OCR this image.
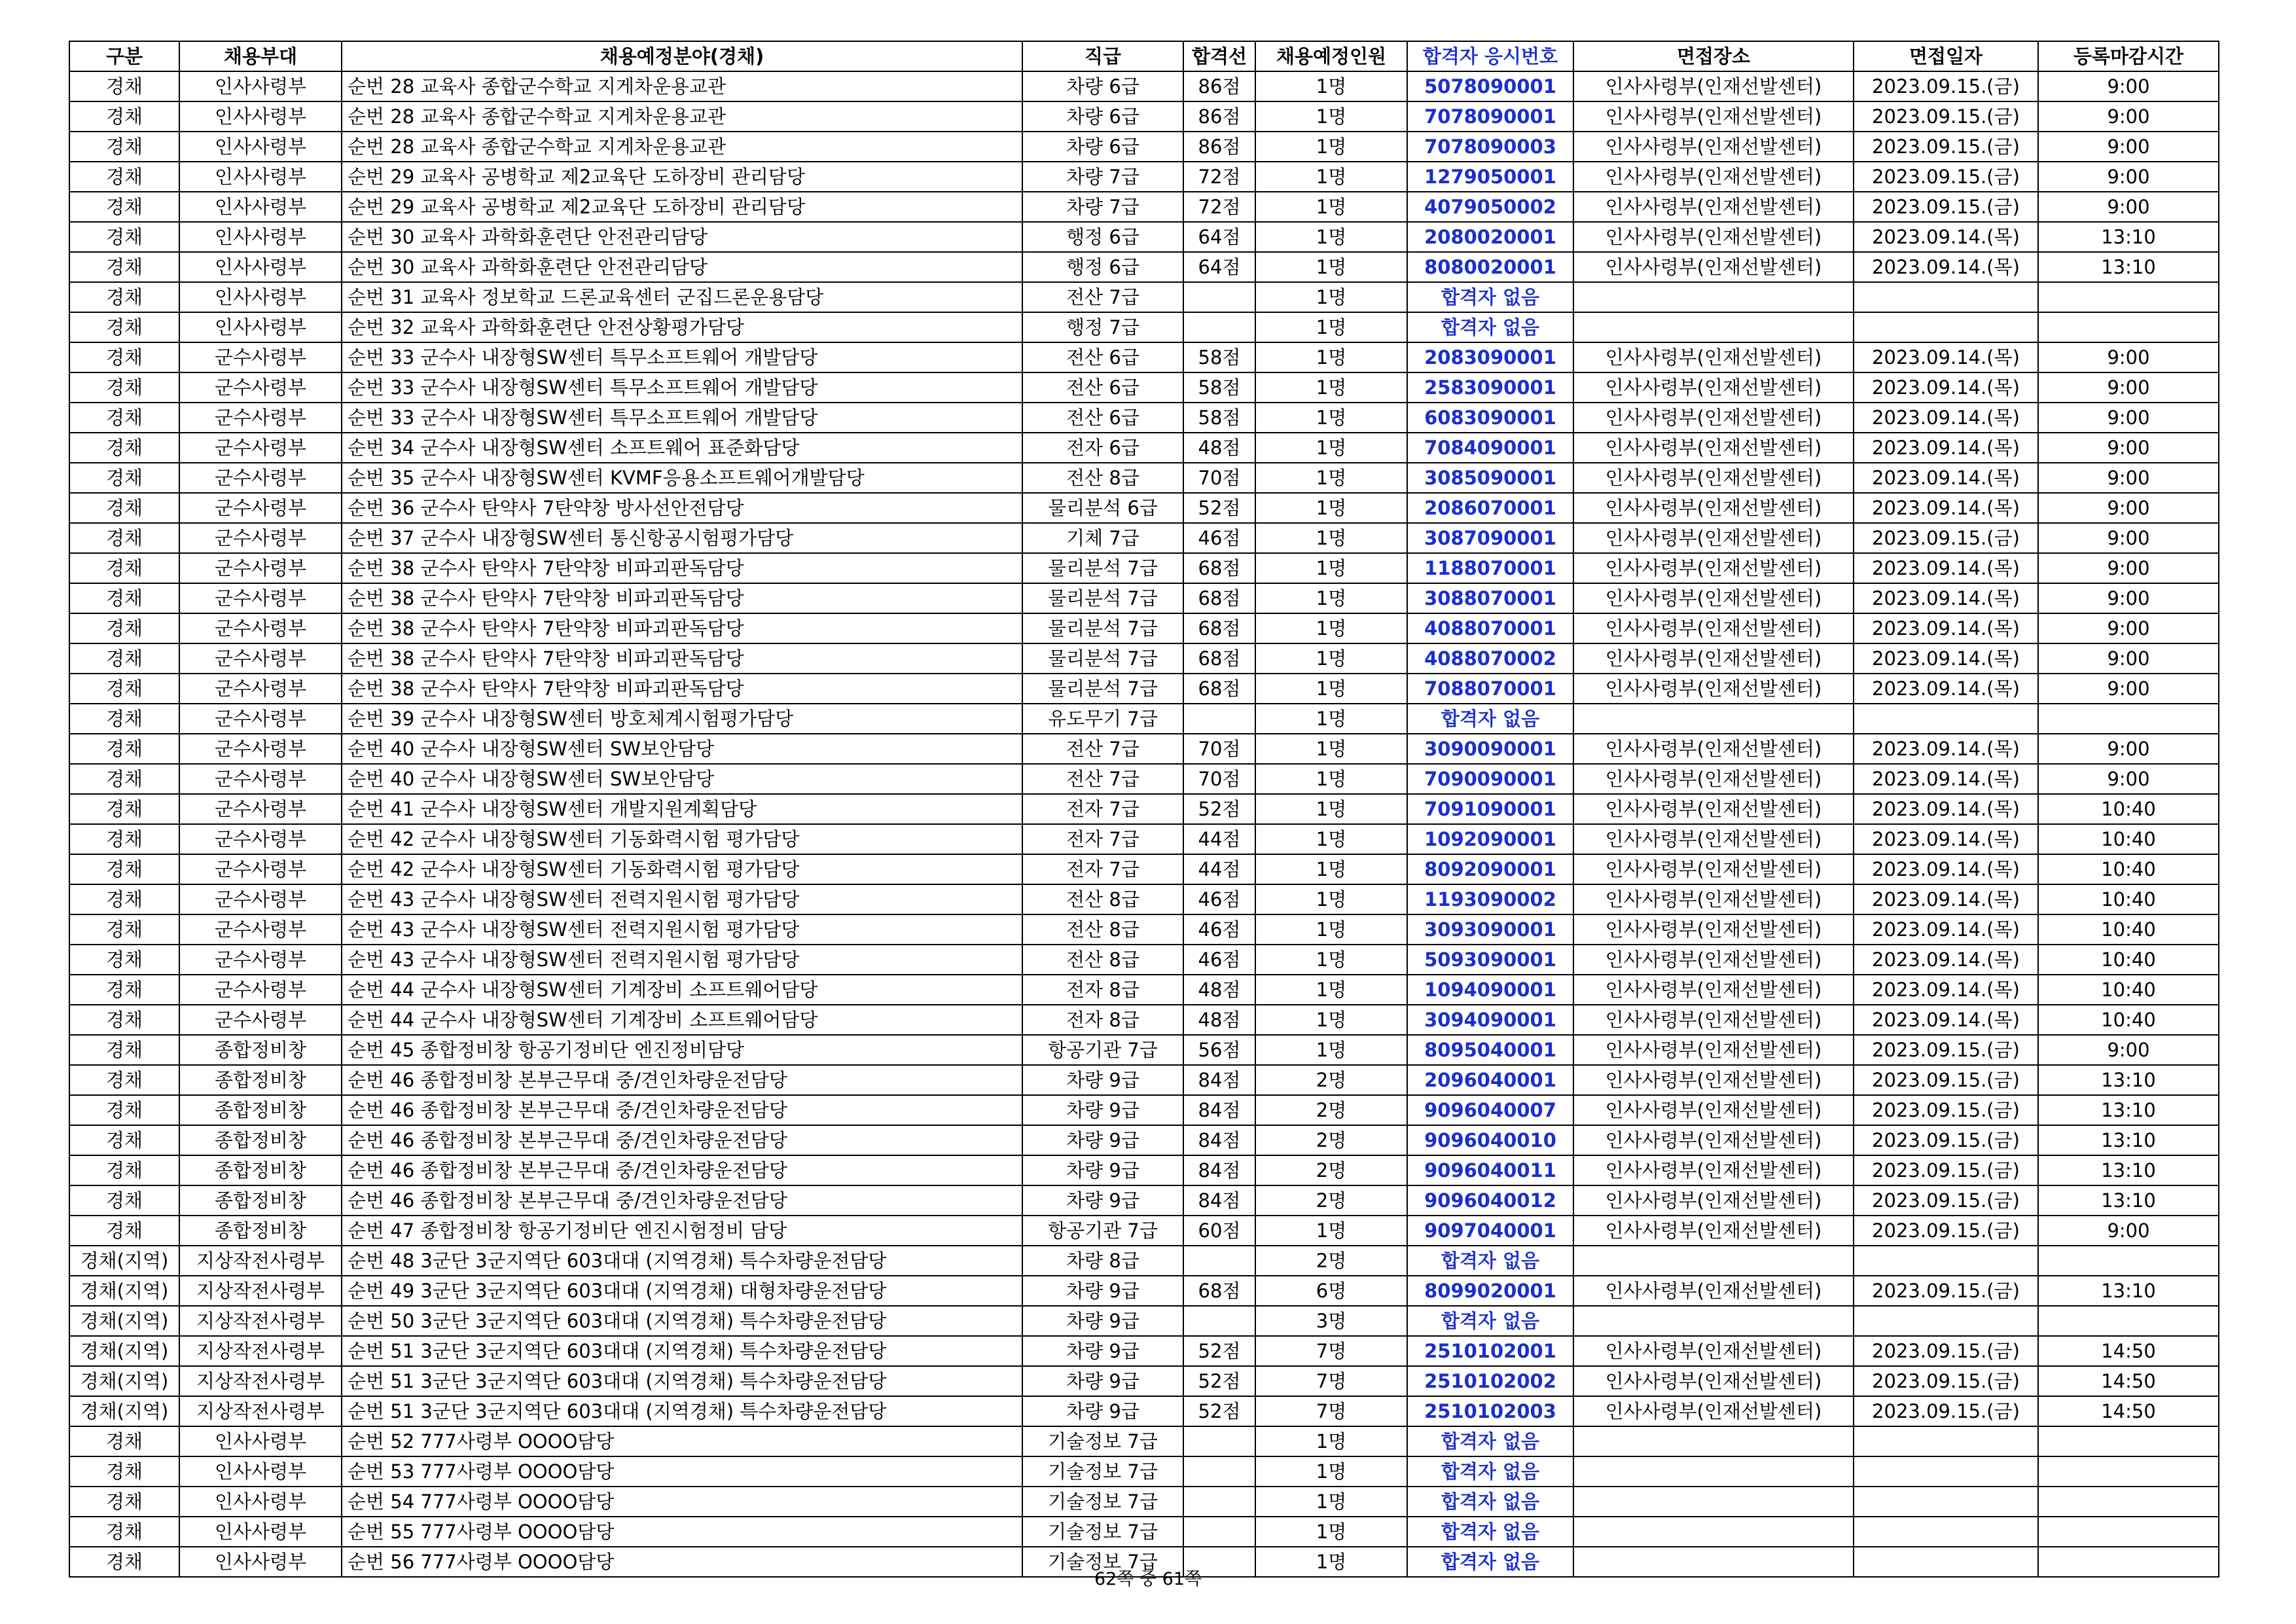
구분	채용부대	채용예정분야(경채)	직급	합격선	채용예정인원	합격자 응시번호	면접장소	면접일자	등록마감시간
경채	인사사령부	순번 28 교육사 종합군수학교 지게차운용교관	차량 6급	86점	1명	5078090001	인사사령부(인재선발센터)	2023.09.15.(금)	9:00
경채	인사사령부	순번 28 교육사 종합군수학교 지게차운용교관	차량 6급	86점	1명	7078090001	인사사령부(인재선발센터)	2023.09.15.(금)	9:00
경채	인사사령부	순번 28 교육사 종합군수학교 지게차운용교관	차량 6급	86점	1명	7078090003	인사사령부(인재선발센터)	2023.09.15.(금)	9:00
경채	인사사령부	순번 29 교육사 공병학교 제2교육단 도하장비 관리담당	차량 7급	72점	1명	1279050001	인사사령부(인재선발센터)	2023.09.15.(금)	9:00
경채	인사사령부	순번 29 교육사 공병학교 제2교육단 도하장비 관리담당	차량 7급	72점	1명	4079050002	인사사령부(인재선발센터)	2023.09.15.(금)	9:00
경채	인사사령부	순번 30 교육사 과학화훈련단 안전관리담당	행정 6급	64점	1명	2080020001	인사사령부(인재선발센터)	2023.09.14.(목)	13:10
경채	인사사령부	순번 30 교육사 과학화훈련단 안전관리담당	행정 6급	64점	1명	8080020001	인사사령부(인재선발센터)	2023.09.14.(목)	13:10
경채	인사사령부	순번 31 교육사 정보학교 드론교육센터 군집드론운용담당	전산 7급		1명	합격자 없음			
경채	인사사령부	순번 32 교육사 과학화훈련단 안전상황평가담당	행정 7급		1명	합격자 없음			
경채	군수사령부	순번 33 군수사 내장형SW센터 특무소프트웨어 개발담당	전산 6급	58점	1명	2083090001	인사사령부(인재선발센터)	2023.09.14.(목)	9:00
경채	군수사령부	순번 33 군수사 내장형SW센터 특무소프트웨어 개발담당	전산 6급	58점	1명	2583090001	인사사령부(인재선발센터)	2023.09.14.(목)	9:00
경채	군수사령부	순번 33 군수사 내장형SW센터 특무소프트웨어 개발담당	전산 6급	58점	1명	6083090001	인사사령부(인재선발센터)	2023.09.14.(목)	9:00
경채	군수사령부	순번 34 군수사 내장형SW센터 소프트웨어 표준화담당	전자 6급	48점	1명	7084090001	인사사령부(인재선발센터)	2023.09.14.(목)	9:00
경채	군수사령부	순번 35 군수사 내장형SW센터 KVMF응용소프트웨어개발담당	전산 8급	70점	1명	3085090001	인사사령부(인재선발센터)	2023.09.14.(목)	9:00
경채	군수사령부	순번 36 군수사 탄약사 7탄약창 방사선안전담당	물리분석 6급	52점	1명	2086070001	인사사령부(인재선발센터)	2023.09.14.(목)	9:00
경채	군수사령부	순번 37 군수사 내장형SW센터 통신항공시험평가담당	기체 7급	46점	1명	3087090001	인사사령부(인재선발센터)	2023.09.15.(금)	9:00
경채	군수사령부	순번 38 군수사 탄약사 7탄약창 비파괴판독담당	물리분석 7급	68점	1명	1188070001	인사사령부(인재선발센터)	2023.09.14.(목)	9:00
경채	군수사령부	순번 38 군수사 탄약사 7탄약창 비파괴판독담당	물리분석 7급	68점	1명	3088070001	인사사령부(인재선발센터)	2023.09.14.(목)	9:00
경채	군수사령부	순번 38 군수사 탄약사 7탄약창 비파괴판독담당	물리분석 7급	68점	1명	4088070001	인사사령부(인재선발센터)	2023.09.14.(목)	9:00
경채	군수사령부	순번 38 군수사 탄약사 7탄약창 비파괴판독담당	물리분석 7급	68점	1명	4088070002	인사사령부(인재선발센터)	2023.09.14.(목)	9:00
경채	군수사령부	순번 38 군수사 탄약사 7탄약창 비파괴판독담당	물리분석 7급	68점	1명	7088070001	인사사령부(인재선발센터)	2023.09.14.(목)	9:00
경채	군수사령부	순번 39 군수사 내장형SW센터 방호체계시험평가담당	유도무기 7급		1명	합격자 없음			
경채	군수사령부	순번 40 군수사 내장형SW센터 SW보안담당	전산 7급	70점	1명	3090090001	인사사령부(인재선발센터)	2023.09.14.(목)	9:00
경채	군수사령부	순번 40 군수사 내장형SW센터 SW보안담당	전산 7급	70점	1명	7090090001	인사사령부(인재선발센터)	2023.09.14.(목)	9:00
경채	군수사령부	순번 41 군수사 내장형SW센터 개발지원계획담당	전자 7급	52점	1명	7091090001	인사사령부(인재선발센터)	2023.09.14.(목)	10:40
경채	군수사령부	순번 42 군수사 내장형SW센터 기동화력시험 평가담당	전자 7급	44점	1명	1092090001	인사사령부(인재선발센터)	2023.09.14.(목)	10:40
경채	군수사령부	순번 42 군수사 내장형SW센터 기동화력시험 평가담당	전자 7급	44점	1명	8092090001	인사사령부(인재선발센터)	2023.09.14.(목)	10:40
경채	군수사령부	순번 43 군수사 내장형SW센터 전력지원시험 평가담당	전산 8급	46점	1명	1193090002	인사사령부(인재선발센터)	2023.09.14.(목)	10:40
경채	군수사령부	순번 43 군수사 내장형SW센터 전력지원시험 평가담당	전산 8급	46점	1명	3093090001	인사사령부(인재선발센터)	2023.09.14.(목)	10:40
경채	군수사령부	순번 43 군수사 내장형SW센터 전력지원시험 평가담당	전산 8급	46점	1명	5093090001	인사사령부(인재선발센터)	2023.09.14.(목)	10:40
경채	군수사령부	순번 44 군수사 내장형SW센터 기계장비 소프트웨어담당	전자 8급	48점	1명	1094090001	인사사령부(인재선발센터)	2023.09.14.(목)	10:40
경채	군수사령부	순번 44 군수사 내장형SW센터 기계장비 소프트웨어담당	전자 8급	48점	1명	3094090001	인사사령부(인재선발센터)	2023.09.14.(목)	10:40
경채	종합정비창	순번 45 종합정비창 항공기정비단 엔진정비담당	항공기관 7급	56점	1명	8095040001	인사사령부(인재선발센터)	2023.09.15.(금)	9:00
경채	종합정비창	순번 46 종합정비창 본부근무대 중/견인차량운전담당	차량 9급	84점	2명	2096040001	인사사령부(인재선발센터)	2023.09.15.(금)	13:10
경채	종합정비창	순번 46 종합정비창 본부근무대 중/견인차량운전담당	차량 9급	84점	2명	9096040007	인사사령부(인재선발센터)	2023.09.15.(금)	13:10
경채	종합정비창	순번 46 종합정비창 본부근무대 중/견인차량운전담당	차량 9급	84점	2명	9096040010	인사사령부(인재선발센터)	2023.09.15.(금)	13:10
경채	종합정비창	순번 46 종합정비창 본부근무대 중/견인차량운전담당	차량 9급	84점	2명	9096040011	인사사령부(인재선발센터)	2023.09.15.(금)	13:10
경채	종합정비창	순번 46 종합정비창 본부근무대 중/견인차량운전담당	차량 9급	84점	2명	9096040012	인사사령부(인재선발센터)	2023.09.15.(금)	13:10
경채	종합정비창	순번 47 종합정비창 항공기정비단 엔진시험정비 담당	항공기관 7급	60점	1명	9097040001	인사사령부(인재선발센터)	2023.09.15.(금)	9:00
경채(지역)	지상작전사령부	순번 48 3군단 3군지역단 603대대 (지역경채) 특수차량운전담당	차량 8급		2명	합격자 없음			
경채(지역)	지상작전사령부	순번 49 3군단 3군지역단 603대대 (지역경채) 대형차량운전담당	차량 9급	68점	6명	8099020001	인사사령부(인재선발센터)	2023.09.15.(금)	13:10
경채(지역)	지상작전사령부	순번 50 3군단 3군지역단 603대대 (지역경채) 특수차량운전담당	차량 9급		3명	합격자 없음			
경채(지역)	지상작전사령부	순번 51 3군단 3군지역단 603대대 (지역경채) 특수차량운전담당	차량 9급	52점	7명	2510102001	인사사령부(인재선발센터)	2023.09.15.(금)	14:50
경채(지역)	지상작전사령부	순번 51 3군단 3군지역단 603대대 (지역경채) 특수차량운전담당	차량 9급	52점	7명	2510102002	인사사령부(인재선발센터)	2023.09.15.(금)	14:50
경채(지역)	지상작전사령부	순번 51 3군단 3군지역단 603대대 (지역경채) 특수차량운전담당	차량 9급	52점	7명	2510102003	인사사령부(인재선발센터)	2023.09.15.(금)	14:50
경채	인사사령부	순번 52 777사령부 OOOO담당	기술정보 7급		1명	합격자 없음			
경채	인사사령부	순번 53 777사령부 OOOO담당	기술정보 7급		1명	합격자 없음			
경채	인사사령부	순번 54 777사령부 OOOO담당	기술정보 7급		1명	합격자 없음			
경채	인사사령부	순번 55 777사령부 OOOO담당	기술정보 7급		1명	합격자 없음			
경채	인사사령부	순번 56 777사령부 OOOO담당	기술정보 7급		1명	합격자 없음			
62쪽 중 61쪽
